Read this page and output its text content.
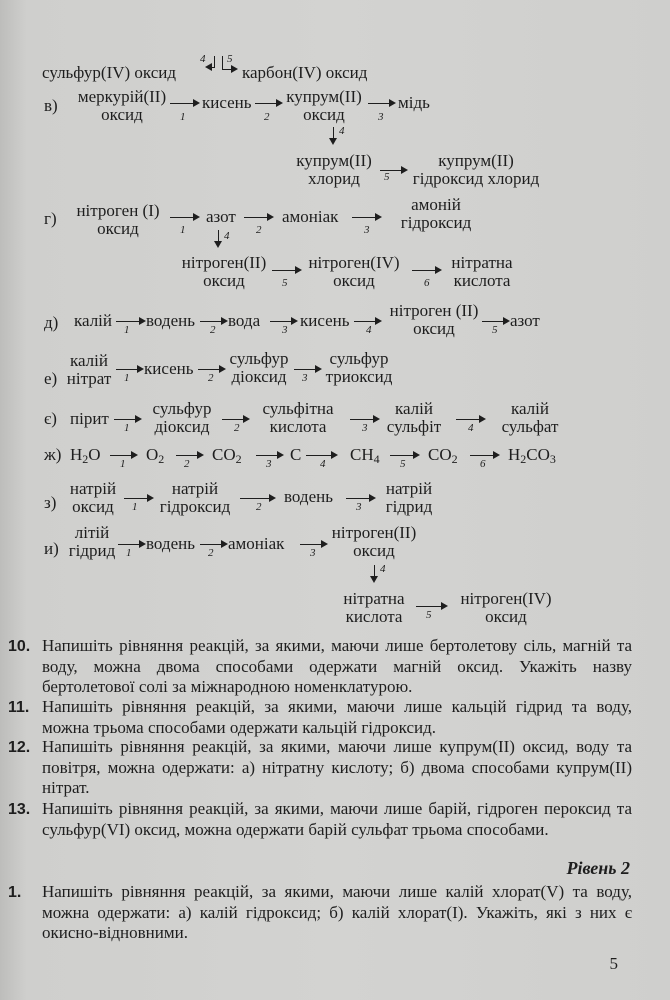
сульфур(IV) оксид
4 5
карбон(IV) оксид
в)	меркурій(II)
оксид	1
кисень
2
купрум(II)
оксид	3
мідь
4
купрум(II)
хлорид	5
купрум(II)
гідроксид хлорид
г)	нітроген (I)
оксид	1
азот
2
амоніак
3
амоній
гідроксид
4
нітроген(II)
оксид	5
нітроген(IV)
оксид	6
нітратна
кислота
д) калій 1 водень 2 вода 3 кисень 4
нітроген (II)
оксид	5 азот
е)
калій
нітрат	1 кисень 2
сульфур
діоксид	3
сульфур
триоксид
є) пірит 1
сульфур
діоксид	2
сульфітна
кислота	3
калій
сульфіт	4
калій
сульфат
ж) $H_2O$ 1 $O_2$ 2 $CO_2$ 3 C 4 $CH_4$ 5 $CO_2$ 6 $H_2CO_3$
з)
натрій
оксид	1
натрій
гідроксид	2
водень
3
натрій
гідрид
и)
літій
гідрид 1 водень 2 амоніак 3
нітроген(II)
оксид
4
нітратна
кислота	5
нітроген(IV)
оксид
10. Напишіть рівняння реакцій, за якими, маючи лише бертолетову сіль, магній та воду, можна двома способами одержати магній оксид. Укажіть назву бертолетової солі за міжнародною номенклатурою.
11. Напишіть рівняння реакцій, за якими, маючи лише кальцій гідрид та воду, можна трьома способами одержати кальцій гідроксид.
12. Напишіть рівняння реакцій, за якими, маючи лише купрум(II) оксид, воду та повітря, можна одержати: а) нітратну кислоту; б) двома способами купрум(II) нітрат.
13. Напишіть рівняння реакцій, за якими, маючи лише барій, гідроген пероксид та сульфур(VI) оксид, можна одержати барій сульфат трьома способами.
Рівень 2
1. Напишіть рівняння реакцій, за якими, маючи лише калій хлорат(V) та воду, можна одержати: а) калій гідроксид; б) калій хлорат(I). Укажіть, які з них є окисно-відновними.
5
